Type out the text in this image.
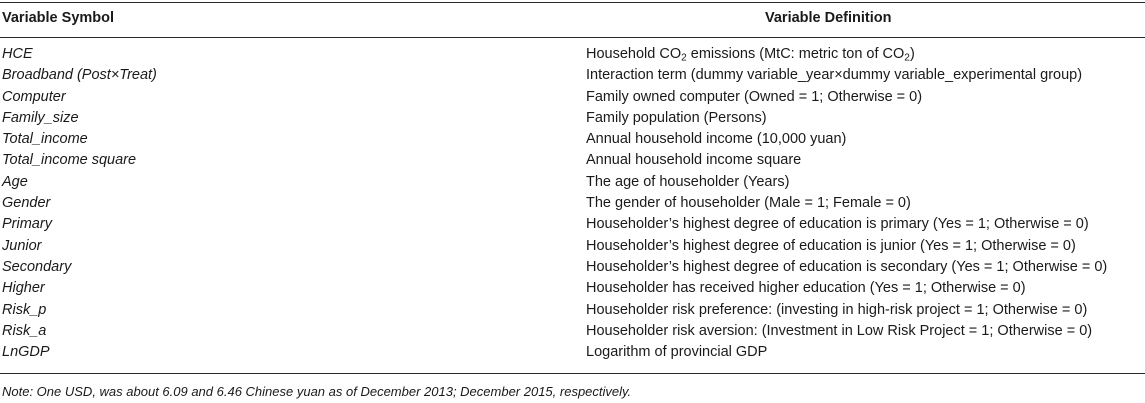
Variable Symbol	Variable Definition
HCE	Household $CO_2$ emissions (MtC: metric ton of $CO_2$)
Broadband (Post×Treat)	Interaction term (dummy variable_year×dummy variable_experimental group)
Computer	Family owned computer (Owned = 1; Otherwise = 0)
Family_size	Family population (Persons)
Total_income	Annual household income (10,000 yuan)
Total_income square	Annual household income square
Age	The age of householder (Years)
Gender	The gender of householder (Male = 1; Female = 0)
Primary	Householder’s highest degree of education is primary (Yes = 1; Otherwise = 0)
Junior	Householder’s highest degree of education is junior (Yes = 1; Otherwise = 0)
Secondary	Householder’s highest degree of education is secondary (Yes = 1; Otherwise = 0)
Higher	Householder has received higher education (Yes = 1; Otherwise = 0)
Risk_p	Householder risk preference: (investing in high-risk project = 1; Otherwise = 0)
Risk_a	Householder risk aversion: (Investment in Low Risk Project = 1; Otherwise = 0)
LnGDP	Logarithm of provincial GDP
Note: One USD, was about 6.09 and 6.46 Chinese yuan as of December 2013; December 2015, respectively.
